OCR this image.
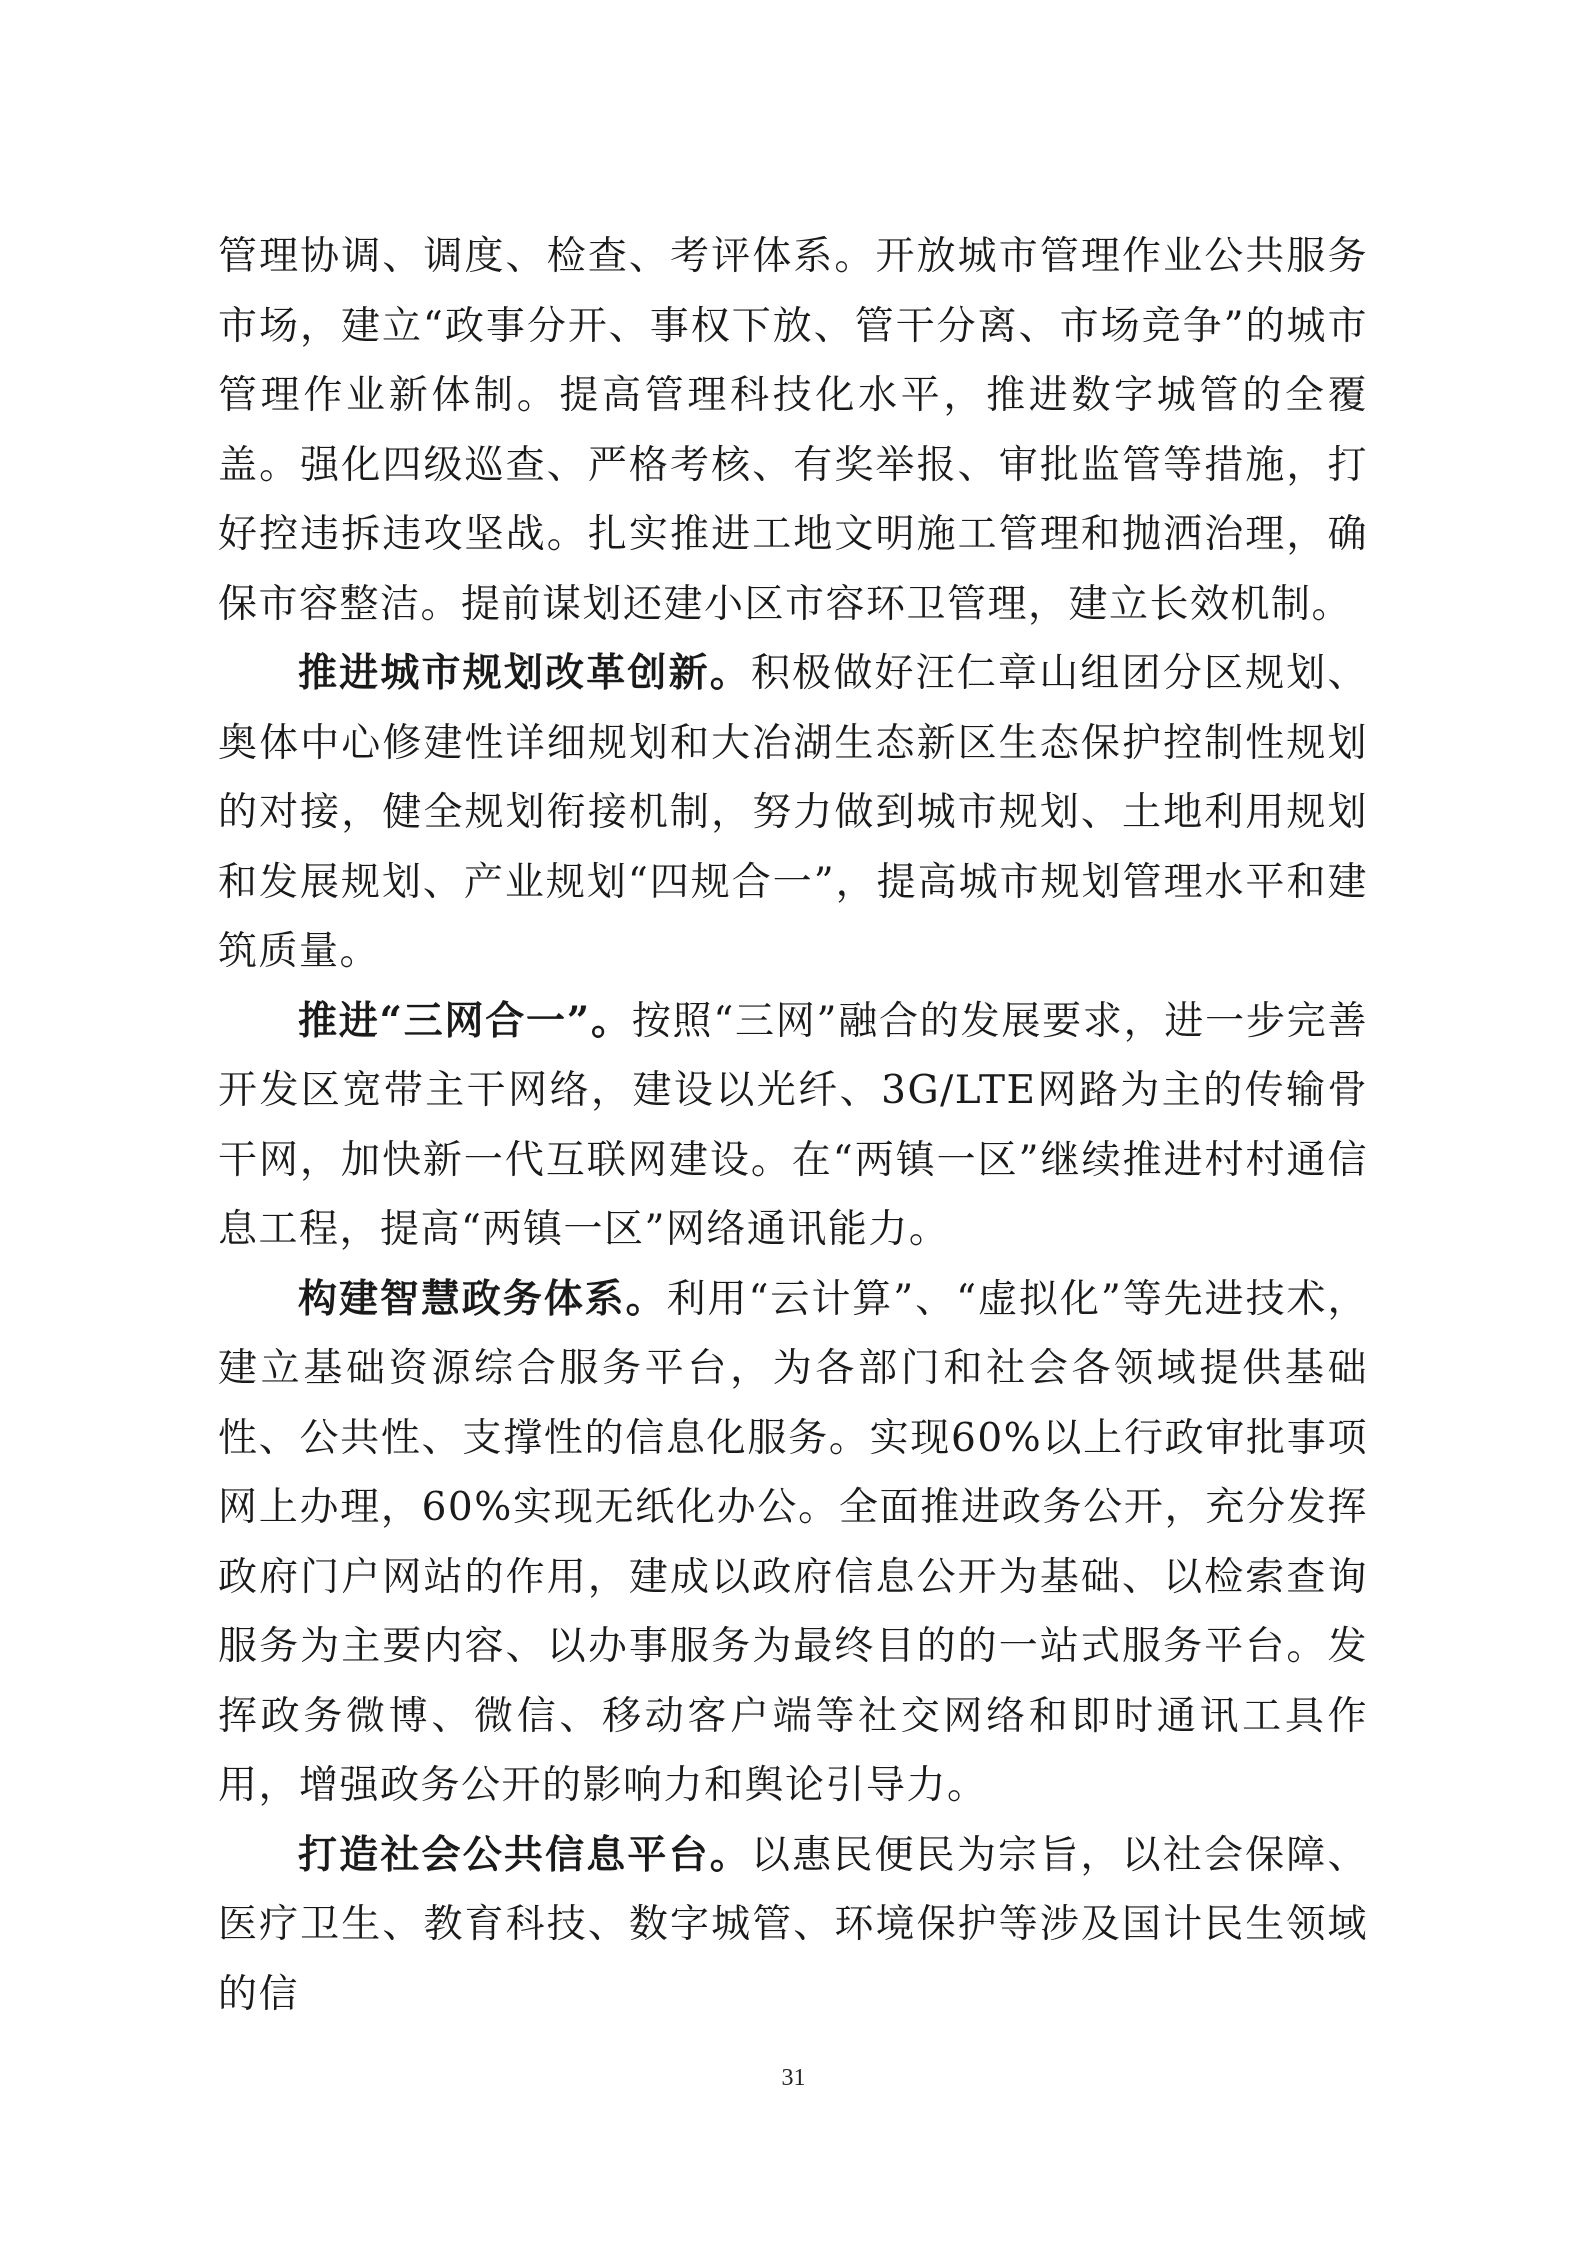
管理协调、调度、检查、考评体系。开放城市管理作业公共服务市场，建立“政事分开、事权下放、管干分离、市场竞争”的城市管理作业新体制。提高管理科技化水平，推进数字城管的全覆盖。强化四级巡查、严格考核、有奖举报、审批监管等措施，打好控违拆违攻坚战。扎实推进工地文明施工管理和抛洒治理，确保市容整洁。提前谋划还建小区市容环卫管理，建立长效机制。

推进城市规划改革创新。积极做好汪仁章山组团分区规划、奥体中心修建性详细规划和大冶湖生态新区生态保护控制性规划的对接，健全规划衔接机制，努力做到城市规划、土地利用规划和发展规划、产业规划“四规合一”，提高城市规划管理水平和建筑质量。

推进“三网合一”。按照“三网”融合的发展要求，进一步完善开发区宽带主干网络，建设以光纤、3G/LTE网路为主的传输骨干网，加快新一代互联网建设。在“两镇一区”继续推进村村通信息工程，提高“两镇一区”网络通讯能力。

构建智慧政务体系。利用“云计算”、“虚拟化”等先进技术，建立基础资源综合服务平台，为各部门和社会各领域提供基础性、公共性、支撑性的信息化服务。实现60%以上行政审批事项网上办理，60%实现无纸化办公。全面推进政务公开，充分发挥政府门户网站的作用，建成以政府信息公开为基础、以检索查询服务为主要内容、以办事服务为最终目的的一站式服务平台。发挥政务微博、微信、移动客户端等社交网络和即时通讯工具作用，增强政务公开的影响力和舆论引导力。

打造社会公共信息平台。以惠民便民为宗旨，以社会保障、医疗卫生、教育科技、数字城管、环境保护等涉及国计民生领域的信

31
